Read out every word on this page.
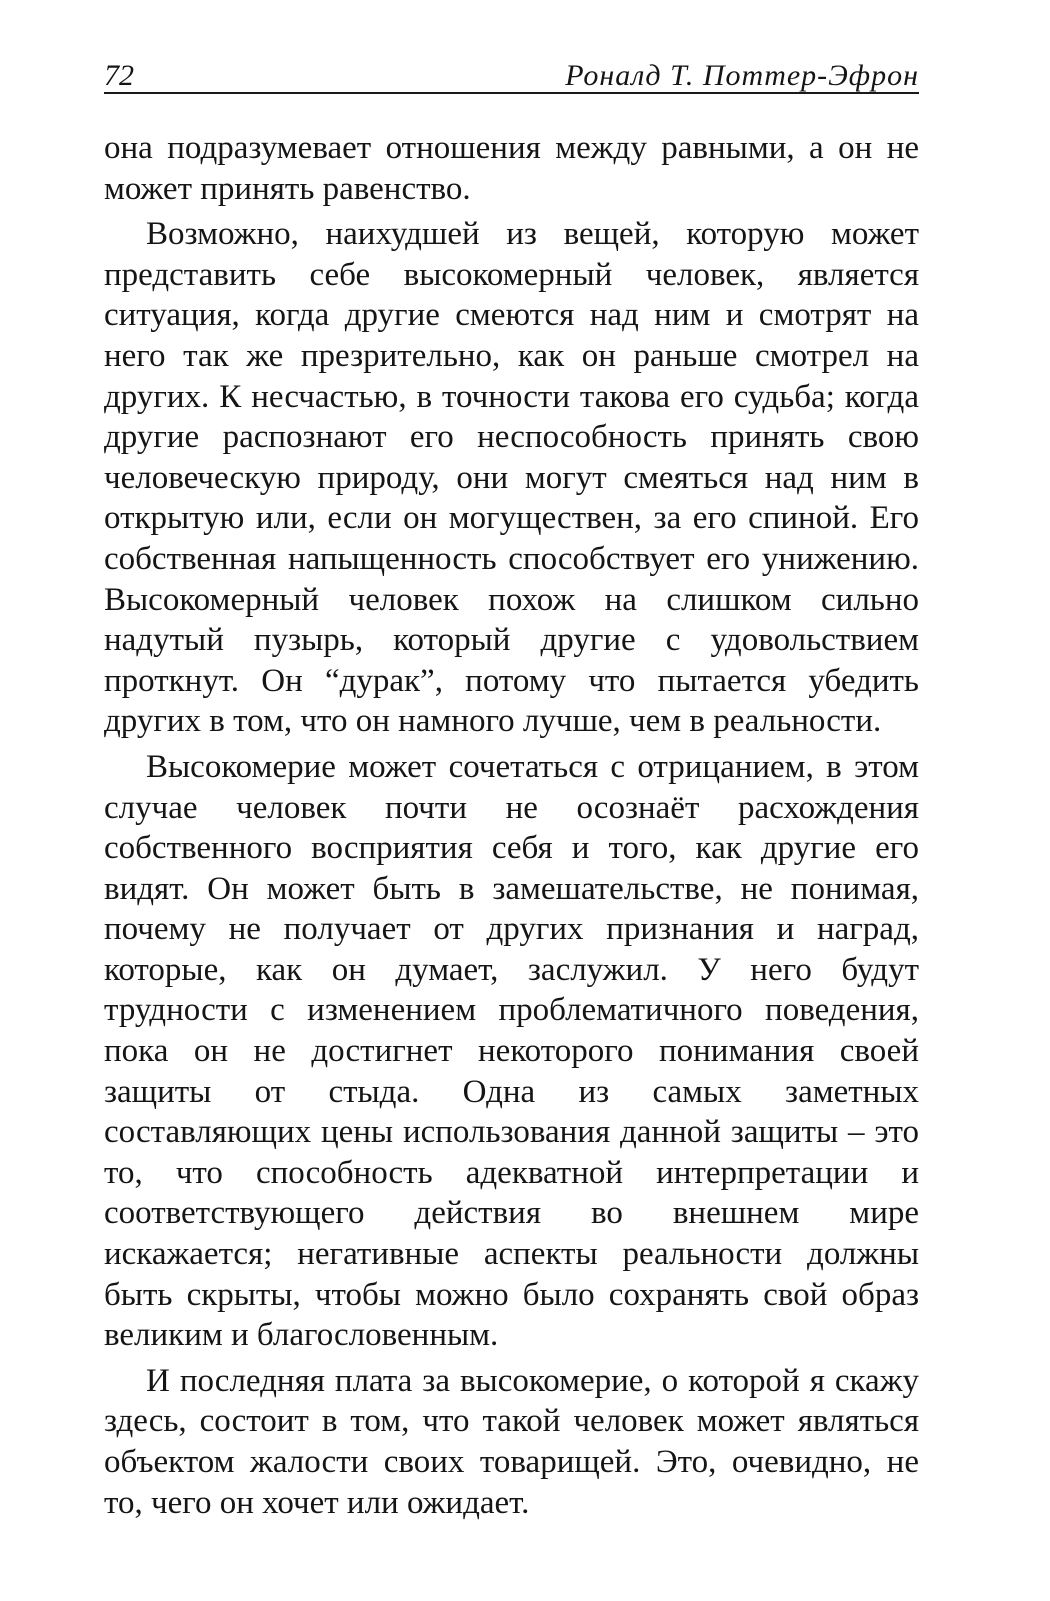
72	Роналд Т. Поттер-Эфрон

она подразумевает отношения между равными, а он не может принять равенство.

Возможно, наихудшей из вещей, которую может представить себе высокомерный человек, является ситуация, когда другие смеются над ним и смотрят на него так же презрительно, как он раньше смотрел на других. К несчастью, в точности такова его судьба; когда другие распознают его неспособность принять свою человеческую природу, они могут смеяться над ним в открытую или, если он могуществен, за его спиной. Его собственная напыщенность способствует его унижению. Высокомерный человек похож на слишком сильно надутый пузырь, который другие с удовольствием проткнут. Он “дурак”, потому что пытается убедить других в том, что он намного лучше, чем в реальности.

Высокомерие может сочетаться с отрицанием, в этом случае человек почти не осознаёт расхождения собственного восприятия себя и того, как другие его видят. Он может быть в замешательстве, не понимая, почему не получает от других признания и наград, которые, как он думает, заслужил. У него будут трудности с изменением проблематичного поведения, пока он не достигнет некоторого понимания своей защиты от стыда. Одна из самых заметных составляющих цены использования данной защиты – это то, что способность адекватной интерпретации и соответствующего действия во внешнем мире искажается; негативные аспекты реальности должны быть скрыты, чтобы можно было сохранять свой образ великим и благословенным.

И последняя плата за высокомерие, о которой я скажу здесь, состоит в том, что такой человек может являться объектом жалости своих товарищей. Это, очевидно, не то, чего он хочет или ожидает.
